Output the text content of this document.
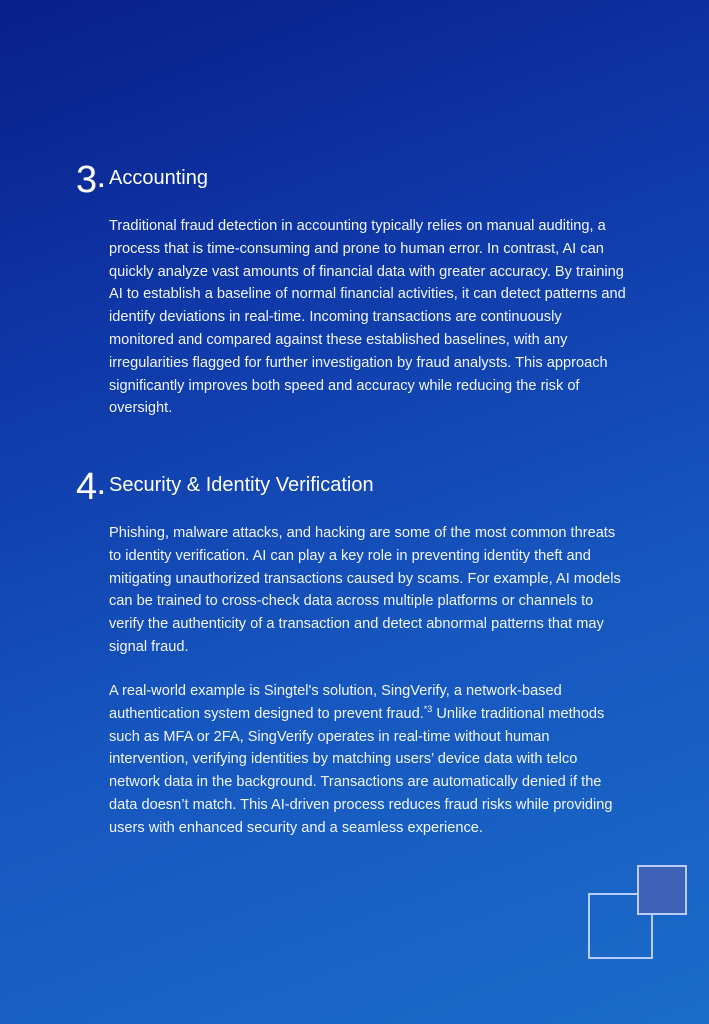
3 . Accounting

Traditional fraud detection in accounting typically relies on manual auditing, a process that is time-consuming and prone to human error. In contrast, AI can quickly analyze vast amounts of financial data with greater accuracy. By training AI to establish a baseline of normal financial activities, it can detect patterns and identify deviations in real-time. Incoming transactions are continuously monitored and compared against these established baselines, with any irregularities flagged for further investigation by fraud analysts. This approach significantly improves both speed and accuracy while reducing the risk of oversight.

4 . Security & Identity Verification

Phishing, malware attacks, and hacking are some of the most common threats to identity verification. AI can play a key role in preventing identity theft and mitigating unauthorized transactions caused by scams. For example, AI models can be trained to cross-check data across multiple platforms or channels to verify the authenticity of a transaction and detect abnormal patterns that may signal fraud.

A real-world example is Singtel's solution, SingVerify, a network-based authentication system designed to prevent fraud.$^{*3}$ Unlike traditional methods such as MFA or 2FA, SingVerify operates in real-time without human intervention, verifying identities by matching users’ device data with telco network data in the background. Transactions are automatically denied if the data doesn’t match. This AI-driven process reduces fraud risks while providing users with enhanced security and a seamless experience.
